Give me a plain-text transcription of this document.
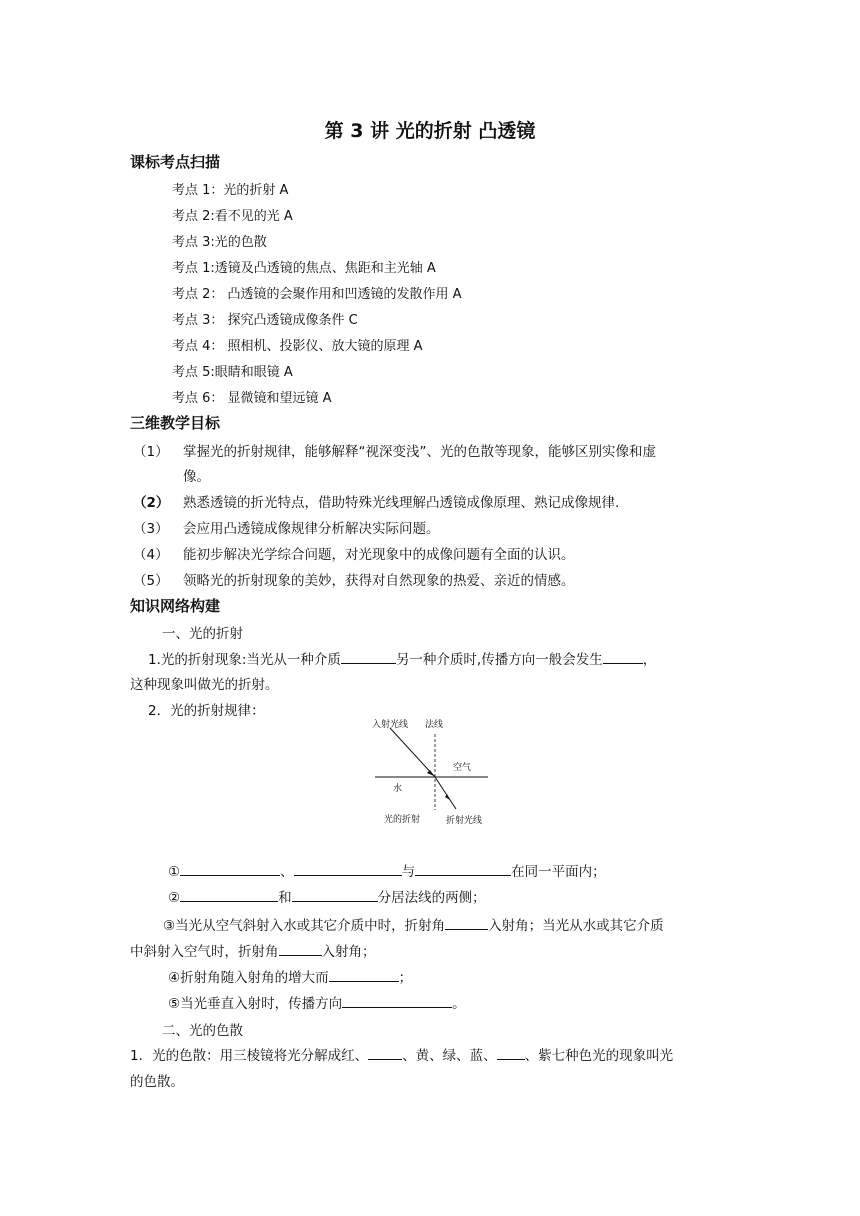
第 3 讲 光的折射 凸透镜
课标考点扫描
考点 1：光的折射 A
考点 2:看不见的光 A
考点 3:光的色散
考点 1:透镜及凸透镜的焦点、焦距和主光轴 A
考点 2： 凸透镜的会聚作用和凹透镜的发散作用 A
考点 3： 探究凸透镜成像条件 C
考点 4： 照相机、投影仪、放大镜的原理 A
考点 5:眼睛和眼镜 A
考点 6： 显微镜和望远镜 A
三维教学目标
（1） 掌握光的折射规律，能够解释“视深变浅”、光的色散等现象，能够区别实像和虚
像。
（2） 熟悉透镜的折光特点，借助特殊光线理解凸透镜成像原理、熟记成像规律.
（3） 会应用凸透镜成像规律分析解决实际问题。
（4） 能初步解决光学综合问题，对光现象中的成像问题有全面的认识。
（5） 领略光的折射现象的美妙，获得对自然现象的热爱、亲近的情感。
知识网络构建
一、光的折射
1.光的折射现象:当光从一种介质	另一种介质时,传播方向一般会发生	，
这种现象叫做光的折射。
2．光的折射规律：
入射光线 法线
空气
水
光的折射	折射光线
①	、	与	在同一平面内；
②	和	分居法线的两侧；
③当光从空气斜射入水或其它介质中时，折射角	入射角；当光从水或其它介质
中斜射入空气时，折射角	入射角；
④折射角随入射角的增大而	；
⑤当光垂直入射时，传播方向	。
二、光的色散
1．光的色散：用三棱镜将光分解成红、	、黄、绿、蓝、 、紫七种色光的现象叫光
的色散。
